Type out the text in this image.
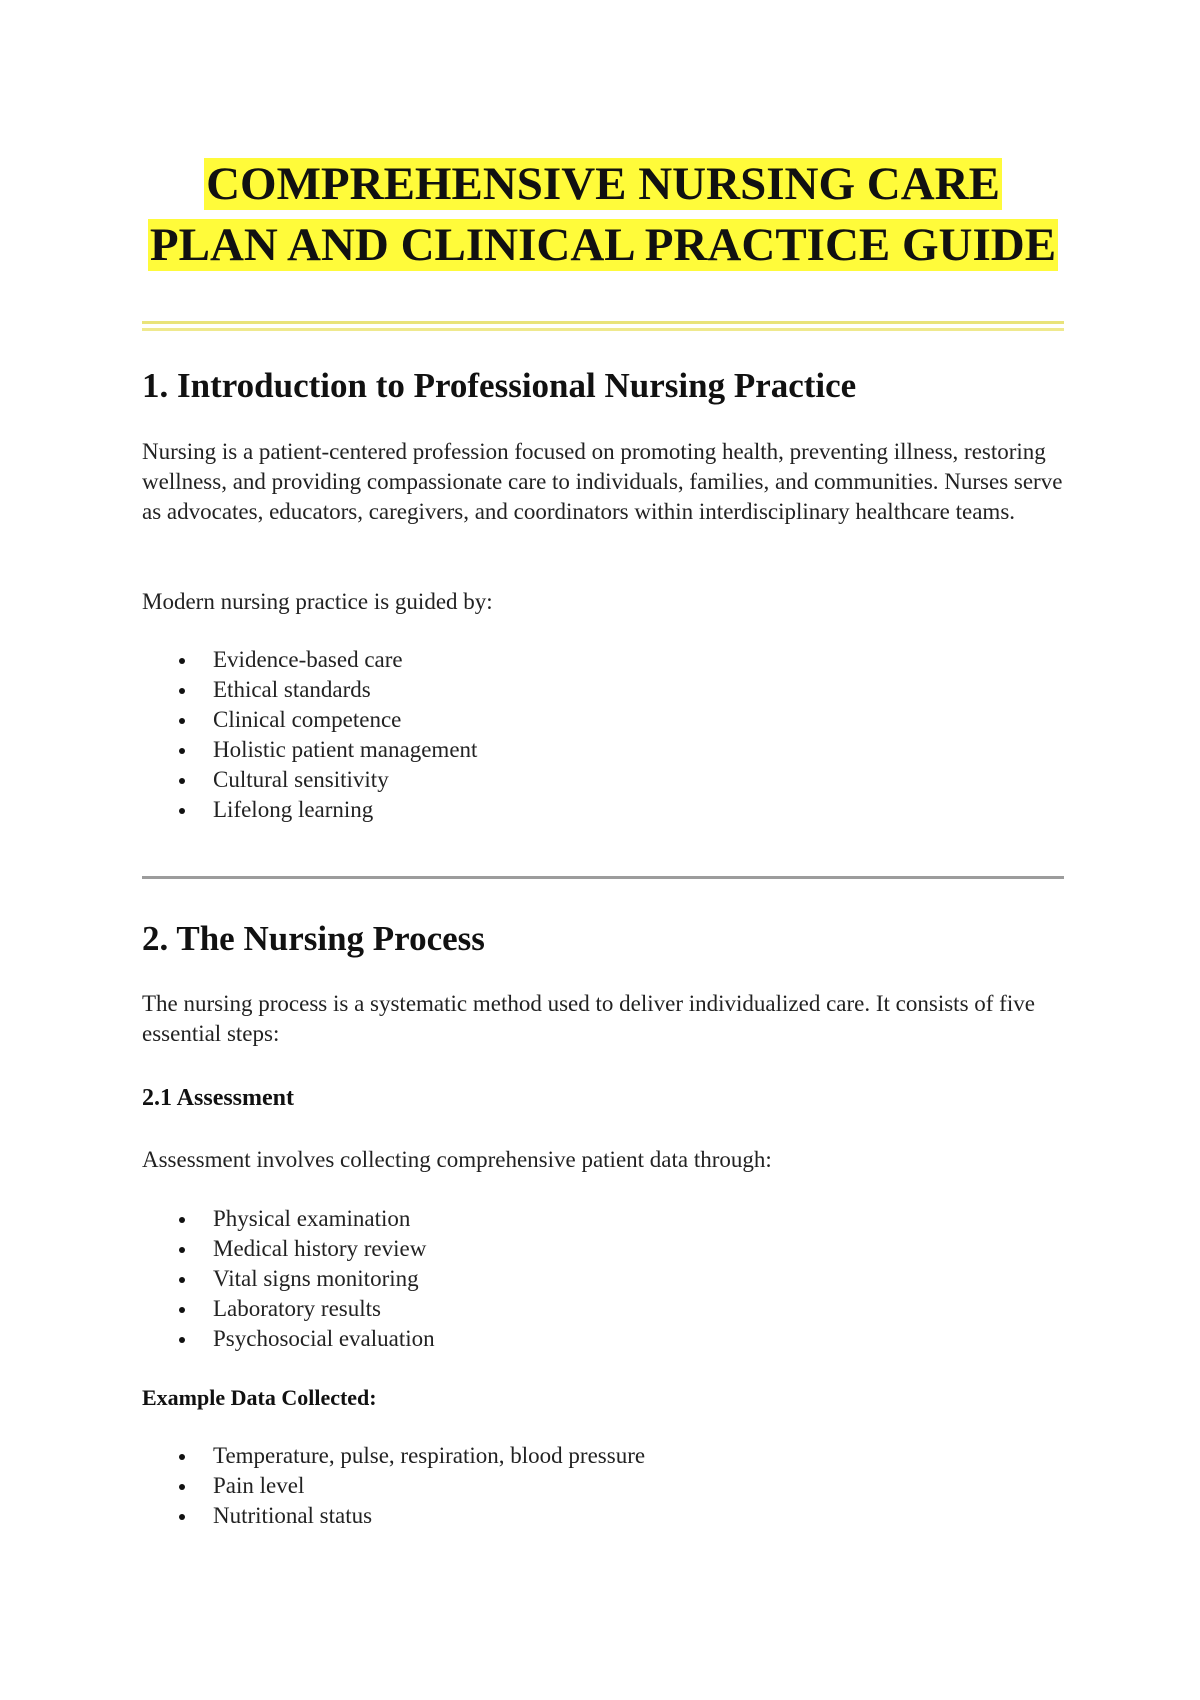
COMPREHENSIVE NURSING CARE
PLAN AND CLINICAL PRACTICE GUIDE
1. Introduction to Professional Nursing Practice

Nursing is a patient-centered profession focused on promoting health, preventing illness, restoring wellness, and providing compassionate care to individuals, families, and communities. Nurses serve as advocates, educators, caregivers, and coordinators within interdisciplinary healthcare teams.

Modern nursing practice is guided by:

Evidence-based care
Ethical standards
Clinical competence
Holistic patient management
Cultural sensitivity
Lifelong learning
2. The Nursing Process

The nursing process is a systematic method used to deliver individualized care. It consists of five essential steps:

2.1 Assessment

Assessment involves collecting comprehensive patient data through:

Physical examination
Medical history review
Vital signs monitoring
Laboratory results
Psychosocial evaluation

Example Data Collected:

Temperature, pulse, respiration, blood pressure
Pain level
Nutritional status
